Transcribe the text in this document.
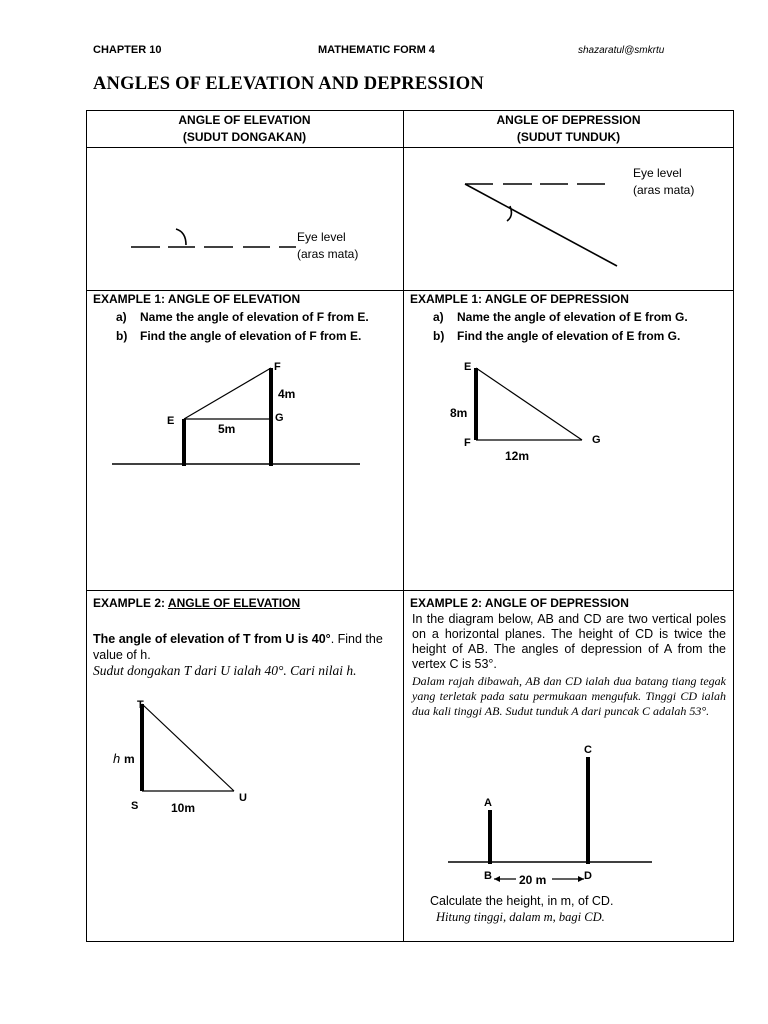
CHAPTER 10	MATHEMATIC FORM 4	shazaratul@smkrtu
ANGLES OF ELEVATION AND DEPRESSION
ANGLE OF ELEVATION
(SUDUT DONGAKAN)
ANGLE OF DEPRESSION
(SUDUT TUNDUK)
Eye level
(aras mata)
Eye level
(aras mata)
EXAMPLE 1: ANGLE OF ELEVATION
a) Name the angle of elevation of F from E.
b) Find the angle of elevation of F from E.
F
E	G
4m
5m
EXAMPLE 1: ANGLE OF DEPRESSION
a) Name the angle of elevation of E from G.
b) Find the angle of elevation of E from G.
E
F	G
8m
12m
EXAMPLE 2: ANGLE OF ELEVATION
The angle of elevation of T from U is 40°. Find the value of h.
Sudut dongakan T dari U ialah 40°. Cari nilai h.
T
S
U
h m
10m
EXAMPLE 2: ANGLE OF DEPRESSION
In the diagram below, AB and CD are two vertical poles on a horizontal planes. The height of CD is twice the height of AB. The angles of depression of A from the vertex C is 53°.
Dalam rajah dibawah, AB dan CD ialah dua batang tiang tegak yang terletak pada satu permukaan mengufuk. Tinggi CD ialah dua kali tinggi AB. Sudut tunduk A dari puncak C adalah 53°.
A
B
C
D
20 m
Calculate the height, in m, of CD.
Hitung tinggi, dalam m, bagi CD.
